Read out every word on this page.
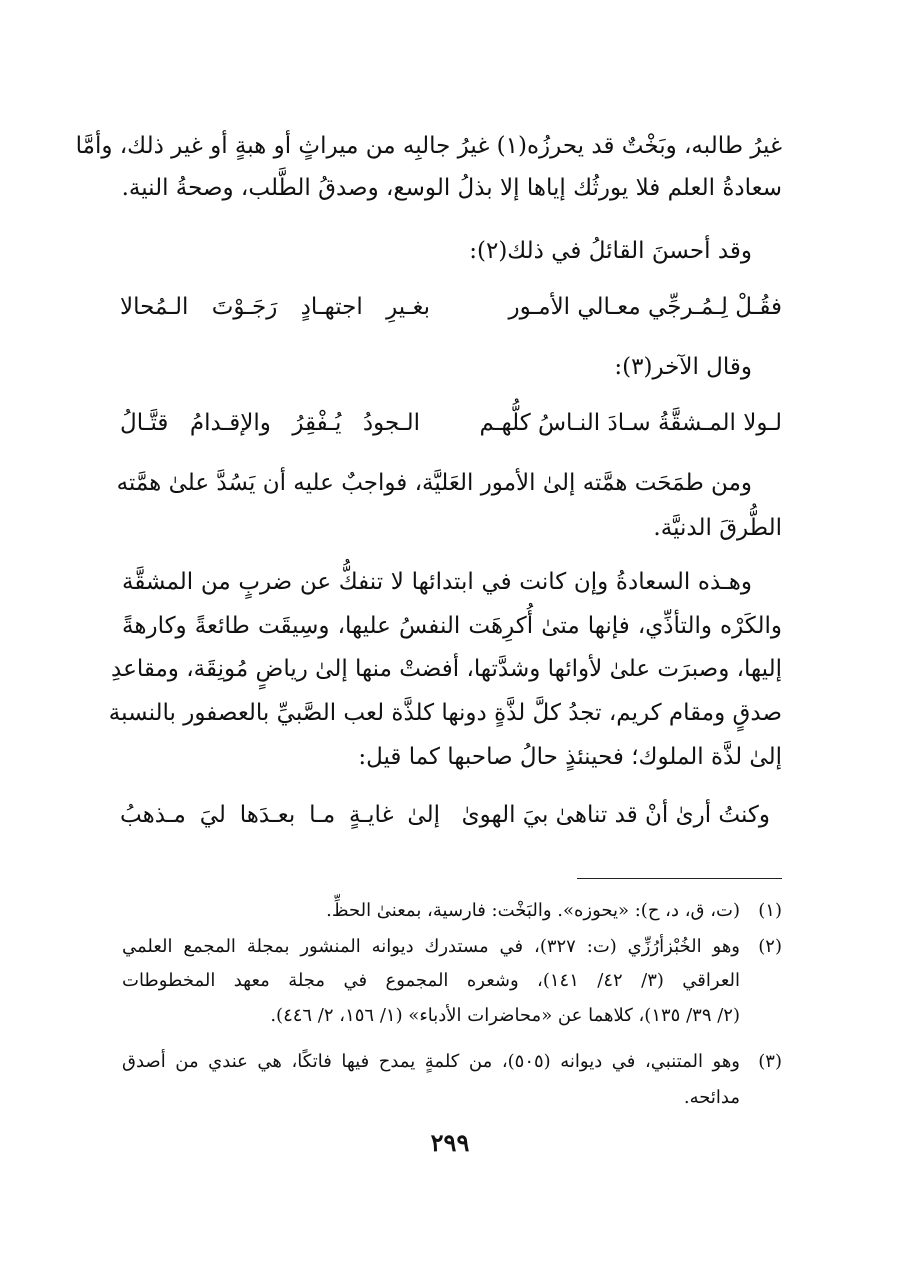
غيرُ طالبه، وبَخْتٌ قد يحرزُه(١) غيرُ جالبِه من ميراثٍ أو هبةٍ أو غير ذلك، وأمَّا
سعادةُ العلم فلا يورثُك إياها إلا بذلُ الوسع، وصدقُ الطَّلب، وصحةُ النية.
وقد أحسنَ القائلُ في ذلك(٢):
فقُـلْ لِـمُـرجِّي معـالي الأمـور
بغـيرِ اجتهـادٍ رَجَـوْتَ الـمُحالا
وقال الآخر(٣):
لـولا المـشقَّةُ سـادَ النـاسُ كلُّهـم
الـجودُ يُـفْقِرُ والإقـدامُ قتَّـالُ
ومن طمَحَت همَّته إلىٰ الأمور العَليَّة، فواجبٌ عليه أن يَسُدَّ علىٰ همَّته
الطُّرقَ الدنيَّة.
وهـذه السعادةُ وإن كانت في ابتدائها لا تنفكُّ عن ضربٍ من المشقَّة
والكَرْه والتأذِّي، فإنها متىٰ أُكرِهَت النفسُ عليها، وسِيقَت طائعةً وكارهةً
إليها، وصبرَت علىٰ لأوائها وشدَّتها، أفضتْ منها إلىٰ رياضٍ مُونِقَة، ومقاعدِ
صدقٍ ومقام كريم، تجدُ كلَّ لذَّةٍ دونها كلذَّة لعب الصَّبيِّ بالعصفور بالنسبة
إلىٰ لذَّة الملوك؛ فحينئذٍ حالُ صاحبها كما قيل:
وكنتُ أرىٰ أنْ قد تناهىٰ بيَ الهوىٰ
إلىٰ غايـةٍ مـا بعـدَها ليَ مـذهبُ
(١)
(ت، ق، د، ح): «يحوزه». والبَخْت: فارسية، بمعنىٰ الحظِّ.
(٢)
وهو الخُبْزأرُزِّي (ت: ٣٢٧)، في مستدرك ديوانه المنشور بمجلة المجمع العلمي
العراقي (٣/ ٤٢/ ١٤١)، وشعره المجموع في مجلة معهد المخطوطات
(٢/ ٣٩/ ١٣٥)، كلاهما عن «محاضرات الأدباء» (١/ ١٥٦، ٢/ ٤٤٦).
(٣)
وهو المتنبي، في ديوانه (٥٠٥)، من كلمةٍ يمدح فيها فاتكًا، هي عندي من أصدق
مدائحه.
٢٩٩
